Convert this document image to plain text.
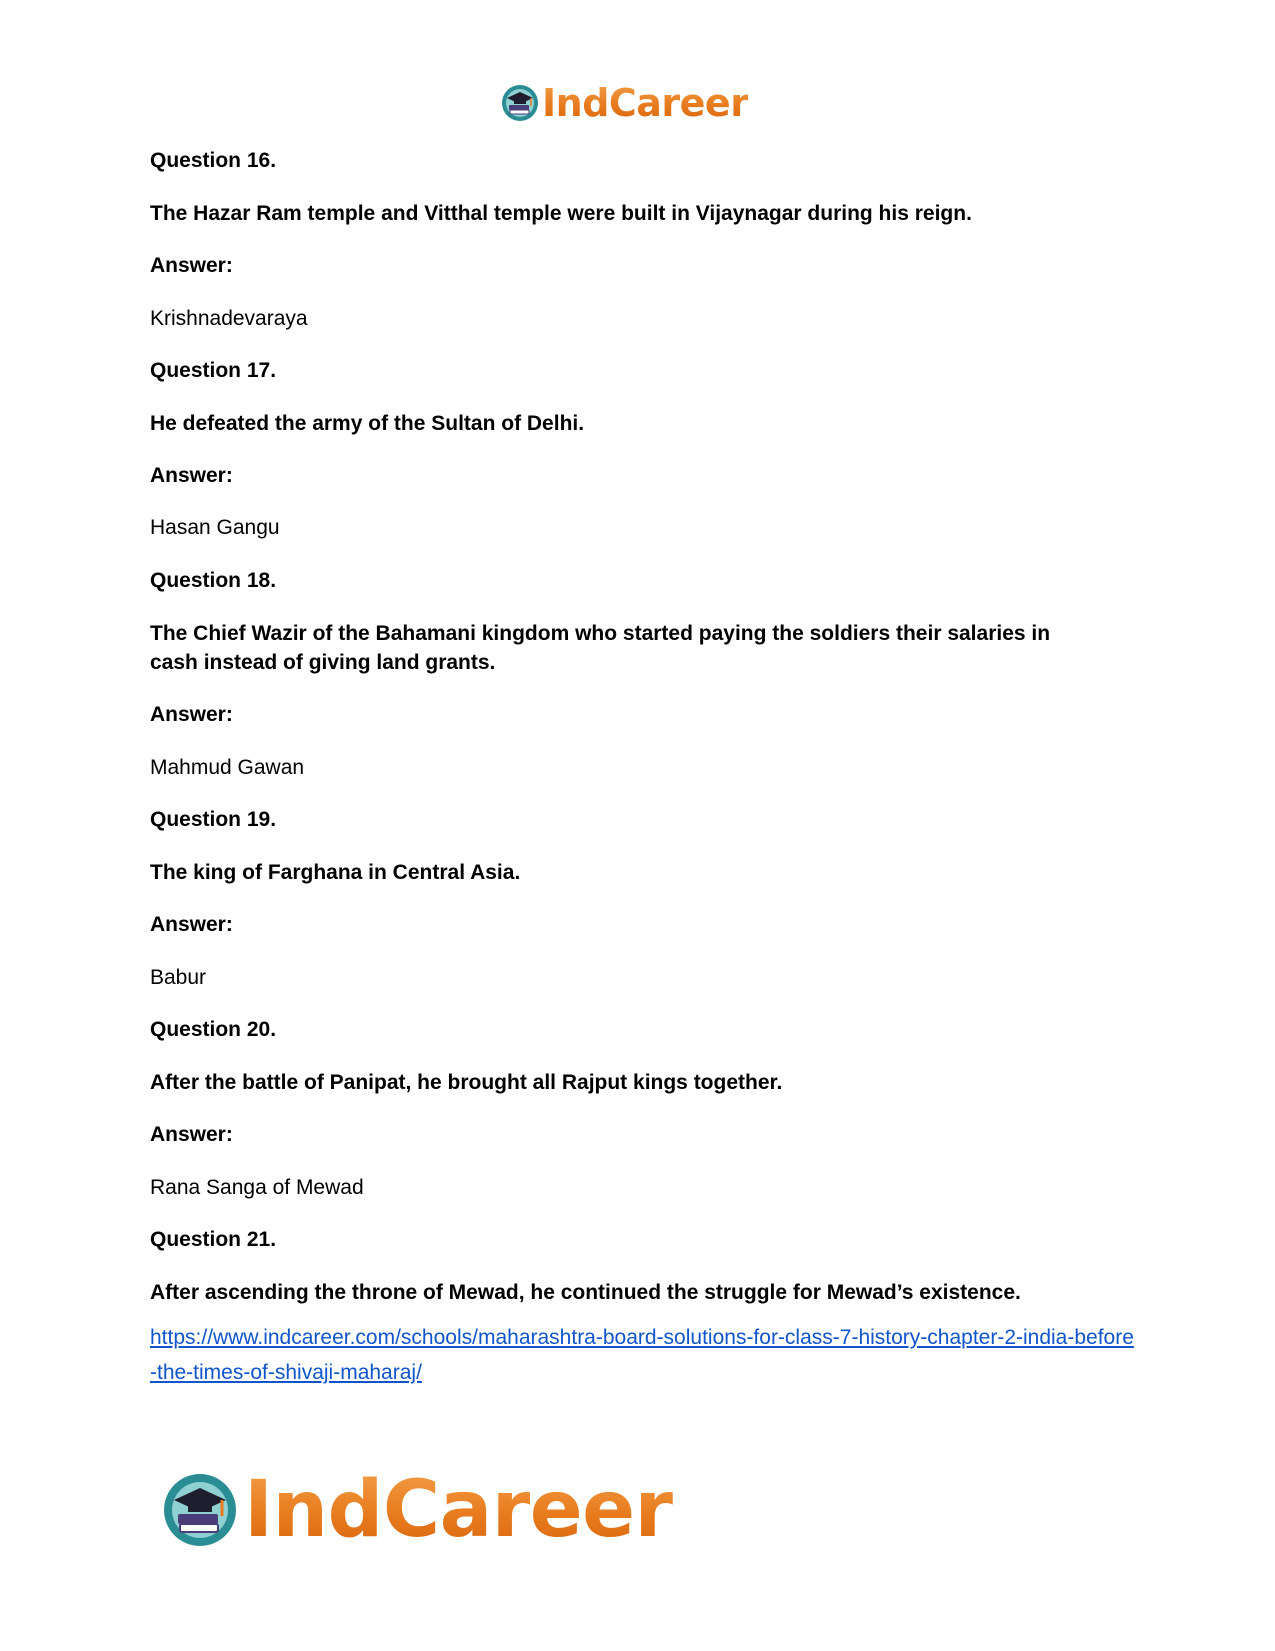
IndCareer
Question 16.
The Hazar Ram temple and Vitthal temple were built in Vijaynagar during his reign.
Answer:
Krishnadevaraya
Question 17.
He defeated the army of the Sultan of Delhi.
Answer:
Hasan Gangu
Question 18.
The Chief Wazir of the Bahamani kingdom who started paying the soldiers their salaries in cash instead of giving land grants.
Answer:
Mahmud Gawan
Question 19.
The king of Farghana in Central Asia.
Answer:
Babur
Question 20.
After the battle of Panipat, he brought all Rajput kings together.
Answer:
Rana Sanga of Mewad
Question 21.
After ascending the throne of Mewad, he continued the struggle for Mewad’s existence.
https://www.indcareer.com/schools/maharashtra-board-solutions-for-class-7-history-chapter-2-india-before-the-times-of-shivaji-maharaj/
IndCareer
